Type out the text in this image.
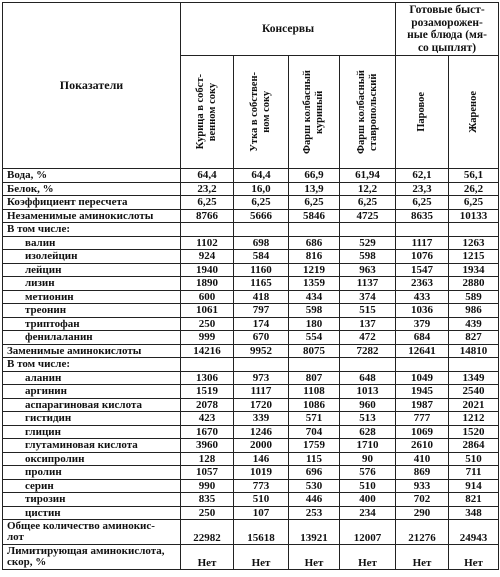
Показатели	Консервы				Готовые быст-
розаморожен-
ные блюда (мя-
со цыплят)	

	Курица в собст- венном соку	Утка в собствен- ном соку	Фарш колбасный куриный	Фарш колбасный ставропольский	Паровое	Жареное

Вода, %	64,4	64,4	66,9	61,94	62,1	56,1

Белок, %	23,2	16,0	13,9	12,2	23,3	26,2

Коэффициент пересчета	6,25	6,25	6,25	6,25	6,25	6,25

Незаменимые аминокислоты	8766	5666	5846	4725	8635	10133

В том числе:						

валин	1102	698	686	529	1117	1263

изолейцин	924	584	816	598	1076	1215

лейцин	1940	1160	1219	963	1547	1934

лизин	1890	1165	1359	1137	2363	2880

метионин	600	418	434	374	433	589

треонин	1061	797	598	515	1036	986

триптофан	250	174	180	137	379	439

фенилаланин	999	670	554	472	684	827

Заменимые аминокислоты	14216	9952	8075	7282	12641	14810

В том числе:						

аланин	1306	973	807	648	1049	1349

аргинин	1519	1117	1108	1013	1945	2540

аспарагиновая кислота	2078	1720	1086	960	1987	2021

гистидин	423	339	571	513	777	1212

глицин	1670	1246	704	628	1069	1520

глутаминовая кислота	3960	2000	1759	1710	2610	2864

оксипролин	128	146	115	90	410	510

пролин	1057	1019	696	576	869	711

серин	990	773	530	510	933	914

тирозин	835	510	446	400	702	821

цистин	250	107	253	234	290	348

Общее количество аминокис-
лот	22982	15618	13921	12007	21276	24943

Лимитирующая аминокислота,
скор, %	Нет	Нет	Нет	Нет	Нет	Нет
